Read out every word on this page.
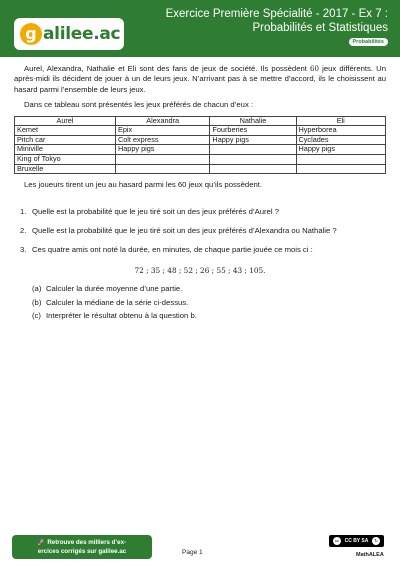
g alilee.ac
Exercice Première Spécialité - 2017 - Ex 7 : Probabilités et Statistiques
Probabilités

Aurel, Alexandra, Nathalie et Eli sont des fans de jeux de société. Ils possèdent 60 jeux différents. Un après-midi ils décident de jouer à un de leurs jeux. N’arrivant pas à se mettre d’accord, ils le choisissent au hasard parmi l’ensemble de leurs jeux.

Dans ce tableau sont présentés les jeux préférés de chacun d’eux :

Aurel	Alexandra	Nathalie	Eli
Kemet	Epix	Fourberies	Hyperborea
Pitch car	Colt express	Happy pigs	Cyclades
Miniville	Happy pigs		Happy pigs
King of Tokyo			
Bruxelle			

Les joueurs tirent un jeu au hasard parmi les 60 jeux qu’ils possèdent.

1. Quelle est la probabilité que le jeu tiré soit un des jeux préférés d’Aurel ?
2. Quelle est la probabilité que le jeu tiré soit un des jeux préférés d’Alexandra ou Nathalie ?
3. Ces quatre amis ont noté la durée, en minutes, de chaque partie jouée ce mois ci :
72 ; 35 ; 48 ; 52 ; 26 ; 55 ; 43 ; 105.
(a) Calculer la durée moyenne d’une partie.
(b) Calculer la médiane de la série ci-dessus.
(c) Interpréter le résultat obtenu à la question b.
🚀 Retrouve des milliers d’ex-
ercices corrigés sur galilee.ac	Page 1
cc	CC BY SA	↻
MathALEA
